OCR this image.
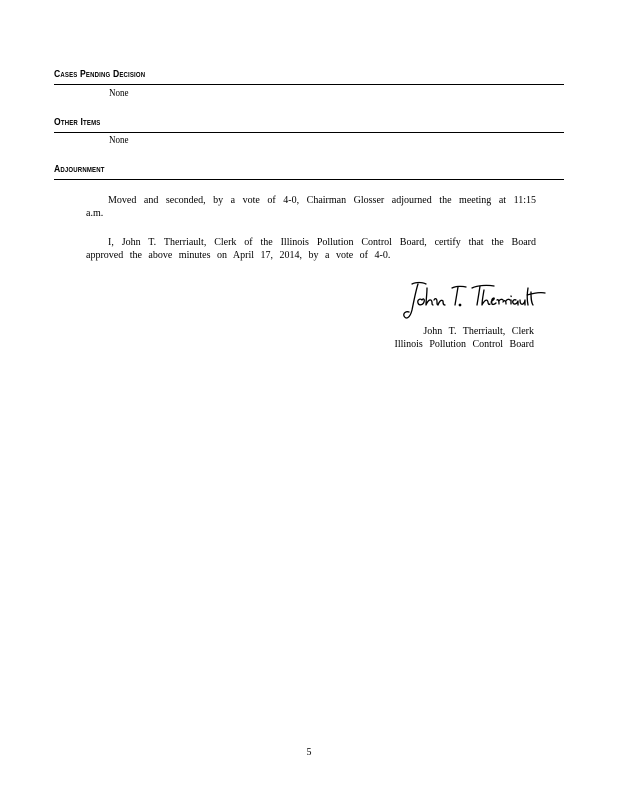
Cases Pending Decision
None
Other Items
None
Adjournment
Moved and seconded, by a vote of 4-0, Chairman Glosser adjourned the meeting at 11:15 a.m.
I, John T. Therriault, Clerk of the Illinois Pollution Control Board, certify that the Board approved the above minutes on April 17, 2014, by a vote of 4-0.
John T. Therriault, Clerk
Illinois Pollution Control Board
5
